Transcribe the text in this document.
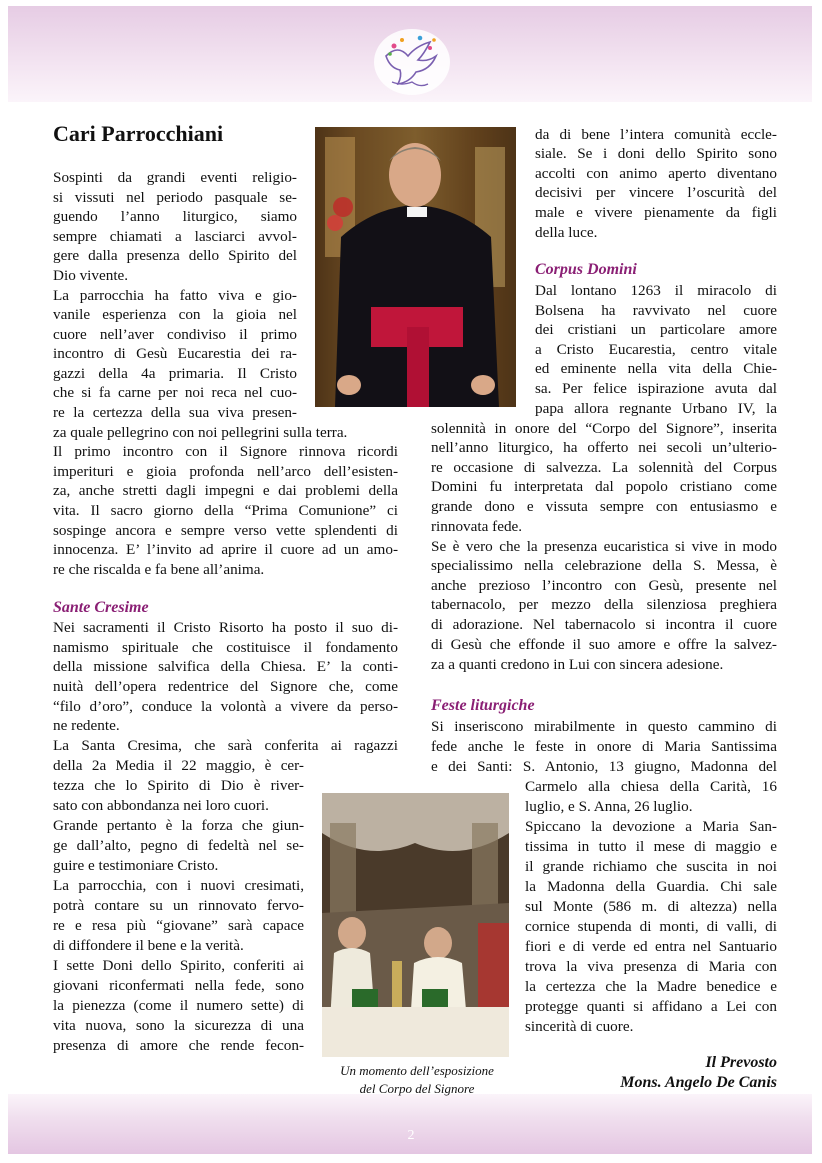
2
Cari Parrocchiani
Sospinti da grandi eventi religio-
si vissuti nel periodo pasquale se-
guendo l’anno liturgico, siamo
sempre chiamati a lasciarci avvol-
gere dalla presenza dello Spirito del
Dio vivente.
La parrocchia ha fatto viva e gio-
vanile esperienza con la gioia nel
cuore nell’aver condiviso il primo
incontro di Gesù Eucarestia dei ra-
gazzi della 4a primaria. Il Cristo
che si fa carne per noi reca nel cuo-
re la certezza della sua viva presen-
za quale pellegrino con noi pellegrini sulla terra.
Il primo incontro con il Signore rinnova ricordi
imperituri e gioia profonda nell’arco dell’esisten-
za, anche stretti dagli impegni e dai problemi della
vita. Il sacro giorno della “Prima Comunione” ci
sospinge ancora e sempre verso vette splendenti di
innocenza. E’ l’invito ad aprire il cuore ad un amo-
re che riscalda e fa bene all’anima.
Sante Cresime
Nei sacramenti il Cristo Risorto ha posto il suo di-
namismo spirituale che costituisce il fondamento
della missione salvifica della Chiesa. E’ la conti-
nuità dell’opera redentrice del Signore che, come
“filo d’oro”, conduce la volontà a vivere da perso-
ne redente.
La Santa Cresima, che sarà conferita ai ragazzi
della 2a Media il 22 maggio, è cer-
tezza che lo Spirito di Dio è river-
sato con abbondanza nei loro cuori.
Grande pertanto è la forza che giun-
ge dall’alto, pegno di fedeltà nel se-
guire e testimoniare Cristo.
La parrocchia, con i nuovi cresimati,
potrà contare su un rinnovato fervo-
re e resa più “giovane” sarà capace
di diffondere il bene e la verità.
I sette Doni dello Spirito, conferiti ai
giovani riconfermati nella fede, sono
la pienezza (come il numero sette) di
vita nuova, sono la sicurezza di una
presenza di amore che rende fecon-
Un momento dell’esposizione
del Corpo del Signore
da di bene l’intera comunità eccle-
siale. Se i doni dello Spirito sono
accolti con animo aperto diventano
decisivi per vincere l’oscurità del
male e vivere pienamente da figli
della luce.
Corpus Domini
Dal lontano 1263 il miracolo di
Bolsena ha ravvivato nel cuore
dei cristiani un particolare amore
a Cristo Eucarestia, centro vitale
ed eminente nella vita della Chie-
sa. Per felice ispirazione avuta dal
papa allora regnante Urbano IV, la
solennità in onore del “Corpo del Signore”, inserita
nell’anno liturgico, ha offerto nei secoli un’ulterio-
re occasione di salvezza. La solennità del Corpus
Domini fu interpretata dal popolo cristiano come
grande dono e vissuta sempre con entusiasmo e
rinnovata fede.
Se è vero che la presenza eucaristica si vive in modo
specialissimo nella celebrazione della S. Messa, è
anche prezioso l’incontro con Gesù, presente nel
tabernacolo, per mezzo della silenziosa preghiera
di adorazione. Nel tabernacolo si incontra il cuore
di Gesù che effonde il suo amore e offre la salvez-
za a quanti credono in Lui con sincera adesione.
Feste liturgiche
Si inseriscono mirabilmente in questo cammino di
fede anche le feste in onore di Maria Santissima
e dei Santi: S. Antonio, 13 giugno, Madonna del
Carmelo alla chiesa della Carità, 16
luglio, e S. Anna, 26 luglio.
Spiccano la devozione a Maria San-
tissima in tutto il mese di maggio e
il grande richiamo che suscita in noi
la Madonna della Guardia. Chi sale
sul Monte (586 m. di altezza) nella
cornice stupenda di monti, di valli, di
fiori e di verde ed entra nel Santuario
trova la viva presenza di Maria con
la certezza che la Madre benedice e
protegge quanti si affidano a Lei con
sincerità di cuore.
Il Prevosto
Mons. Angelo De Canis
